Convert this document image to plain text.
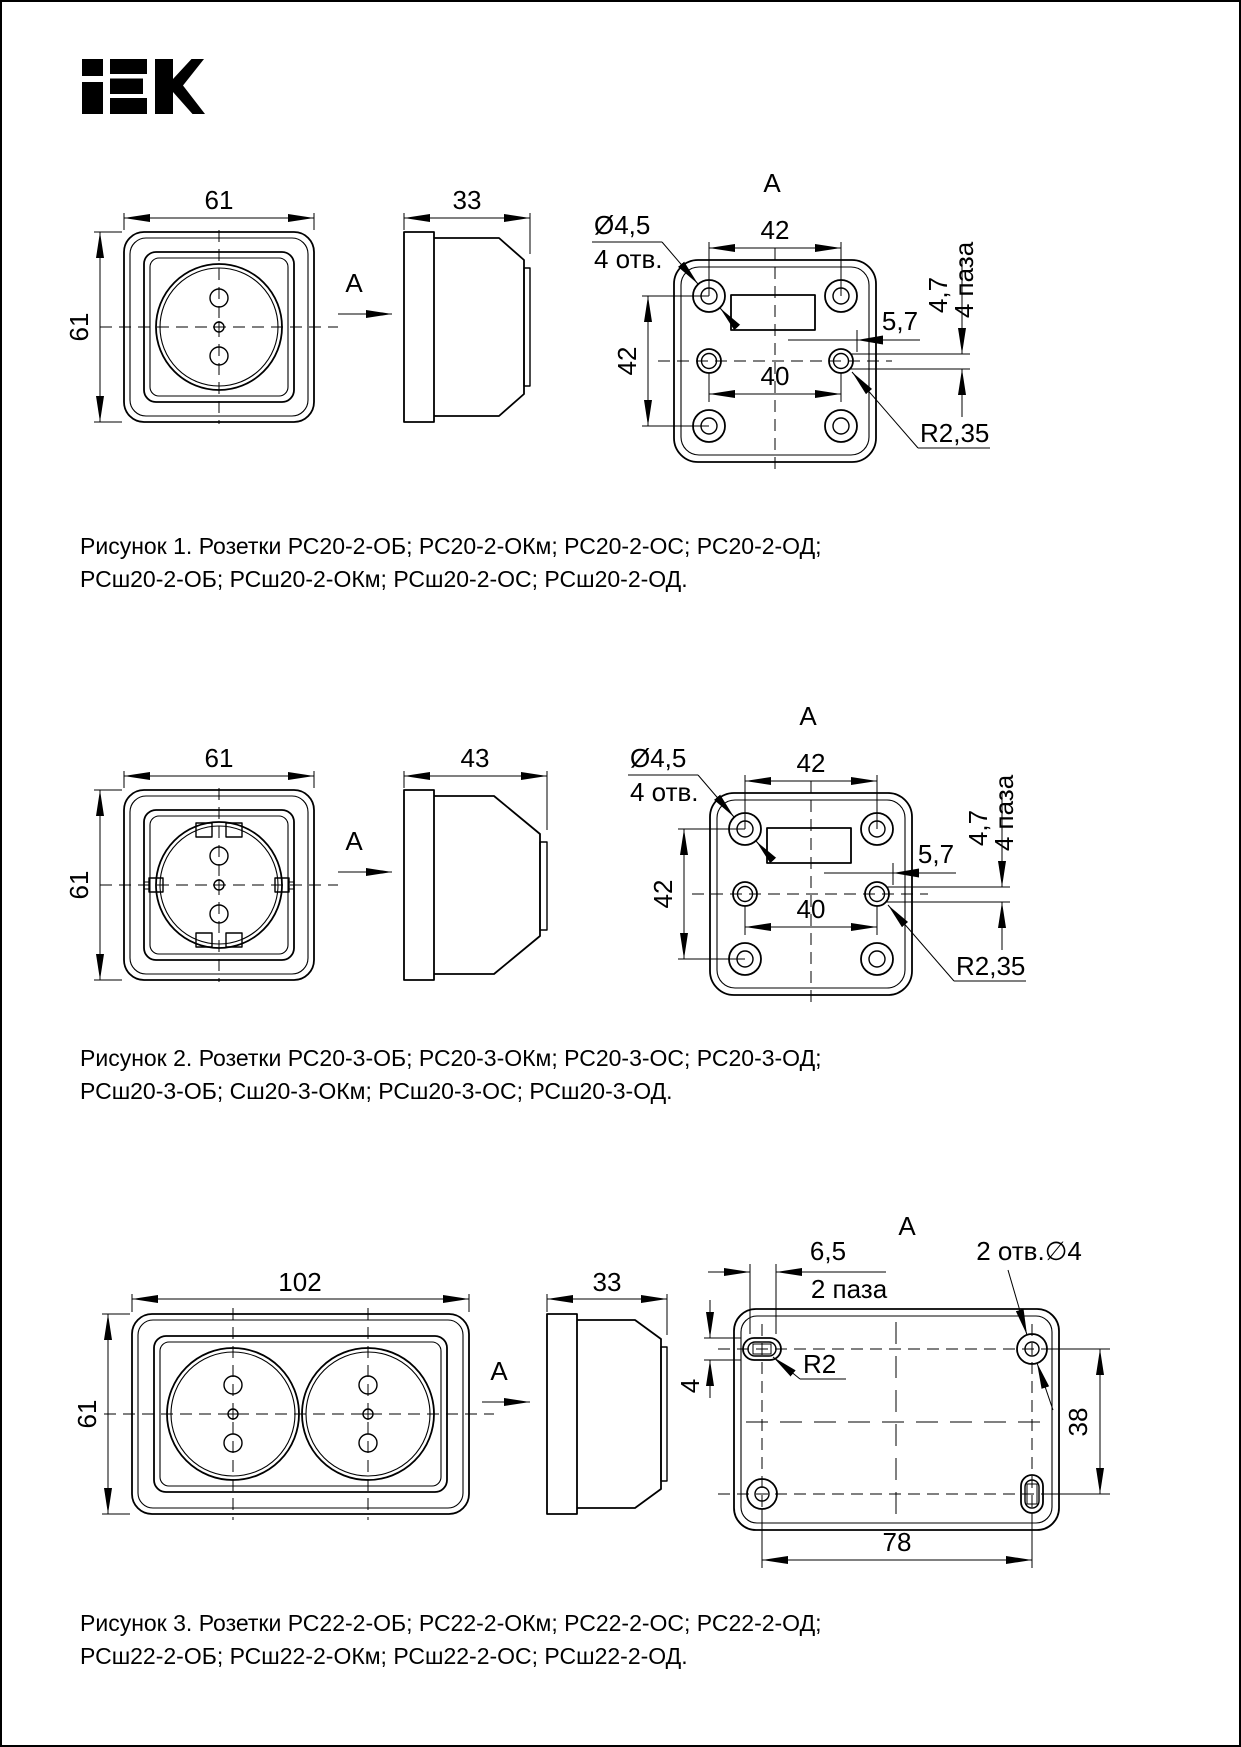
61
61
A
33
A
42
Ø4,5
4 отв.
42	40
5,7
4,7
4 паза
R2,35
61
61
A
43
A
42
Ø4,5
4 отв.
42	40
5,7
4,7
4 паза
R2,35
102
61
A
33
A
6,5
2 паза
2 отв.∅4
R2
4
38
78
Рисунок 1. Розетки РС20-2-ОБ; РС20-2-ОКм; РС20-2-ОС; РС20-2-ОД;
РСш20-2-ОБ; РСш20-2-ОКм; РСш20-2-ОС; РСш20-2-ОД.
Рисунок 2. Розетки РС20-3-ОБ; РС20-3-ОКм; РС20-3-ОС; РС20-3-ОД;
РСш20-3-ОБ; Сш20-3-ОКм; РСш20-3-ОС; РСш20-3-ОД.
Рисунок 3. Розетки РС22-2-ОБ; РС22-2-ОКм; РС22-2-ОС; РС22-2-ОД;
РСш22-2-ОБ; РСш22-2-ОКм; РСш22-2-ОС; РСш22-2-ОД.
